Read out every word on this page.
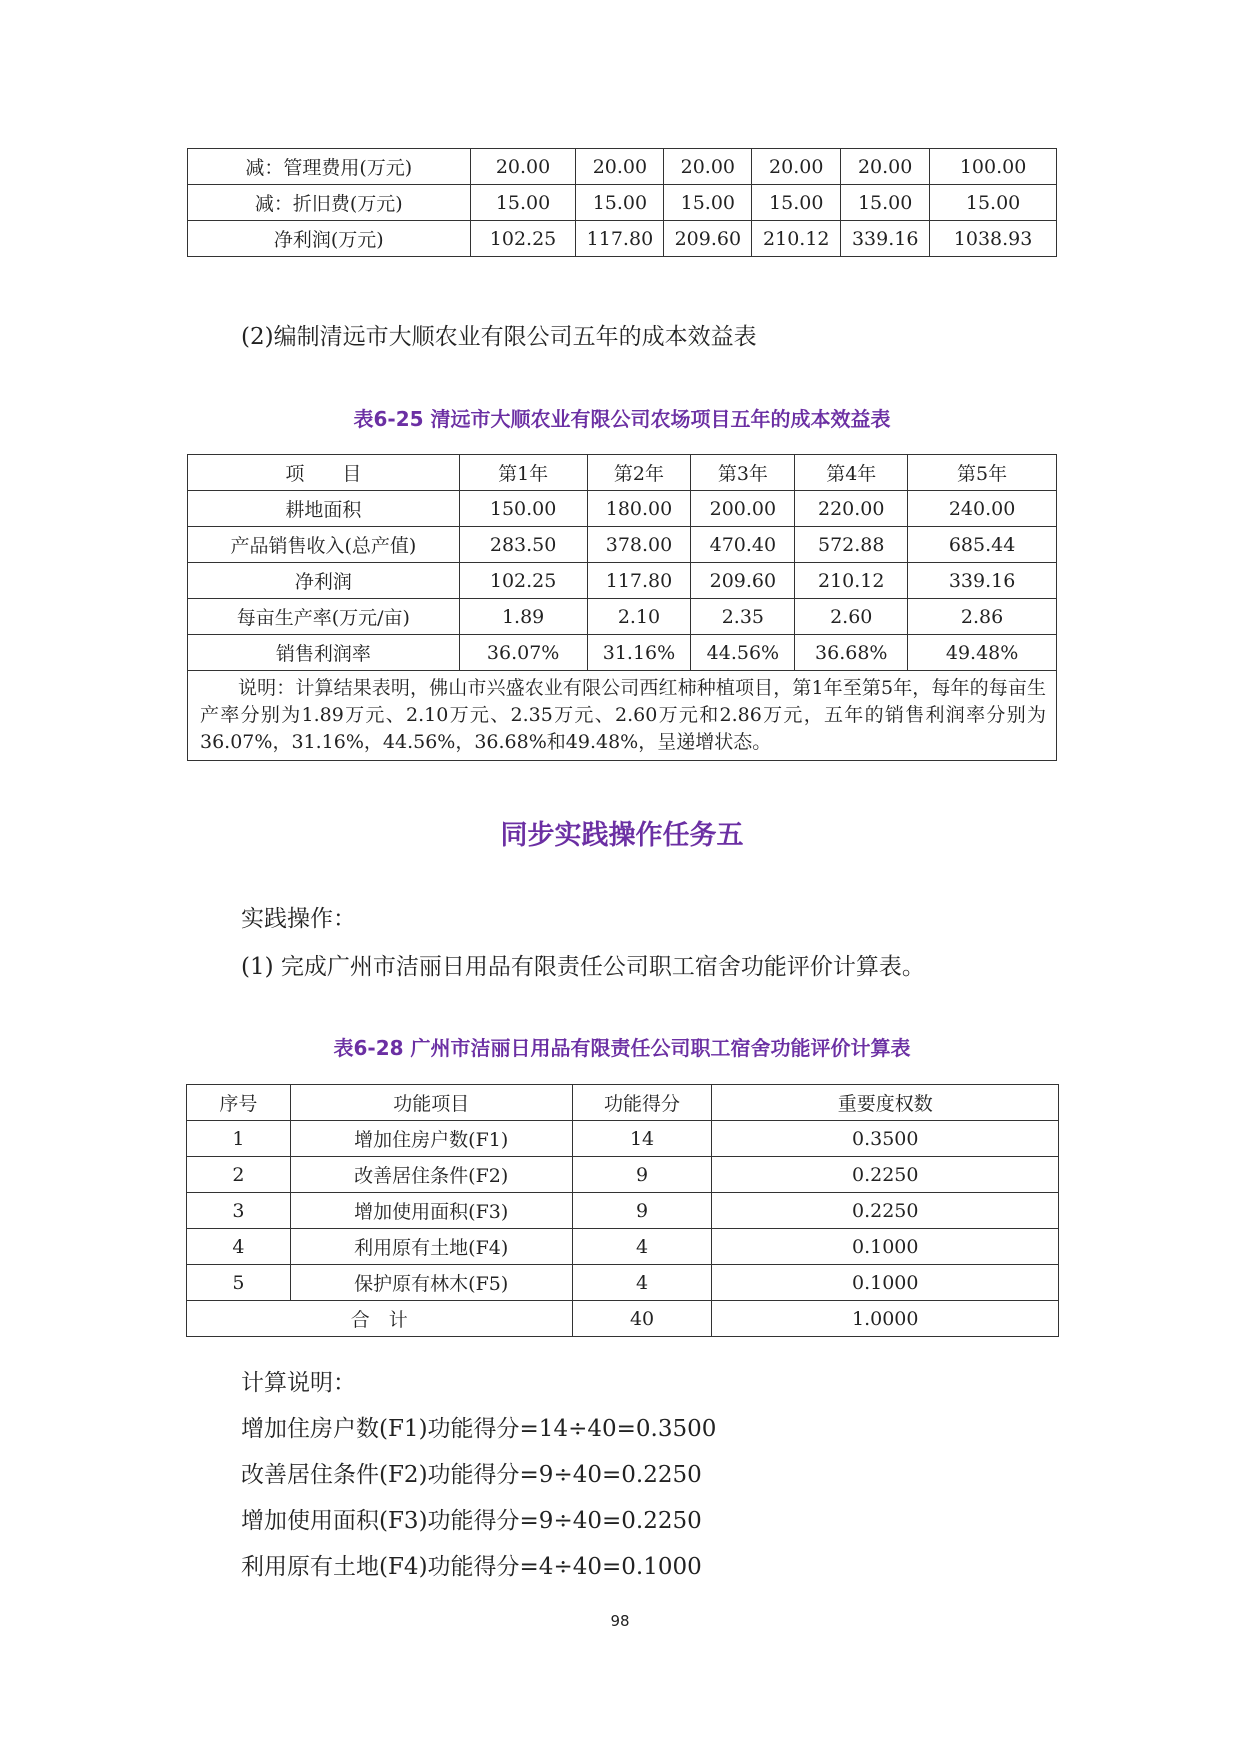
减：管理费用(万元)	20.00	20.00	20.00	20.00	20.00	100.00
减：折旧费(万元)	15.00	15.00	15.00	15.00	15.00	15.00
净利润(万元)	102.25	117.80	209.60	210.12	339.16	1038.93
(2)编制清远市大顺农业有限公司五年的成本效益表
表6-25 清远市大顺农业有限公司农场项目五年的成本效益表
项　　目	第1年	第2年	第3年	第4年	第5年
耕地面积	150.00	180.00	200.00	220.00	240.00
产品销售收入(总产值)	283.50	378.00	470.40	572.88	685.44
净利润	102.25	117.80	209.60	210.12	339.16
每亩生产率(万元/亩)	1.89	2.10	2.35	2.60	2.86
销售利润率	36.07%	31.16%	44.56%	36.68%	49.48%
说明：计算结果表明，佛山市兴盛农业有限公司西红柿种植项目，第1年至第5年，每年的每亩生产率分别为1.89万元、2.10万元、2.35万元、2.60万元和2.86万元，五年的销售利润率分别为36.07%，31.16%，44.56%，36.68%和49.48%，呈递增状态。					
同步实践操作任务五
实践操作：
(1) 完成广州市洁丽日用品有限责任公司职工宿舍功能评价计算表。
表6-28 广州市洁丽日用品有限责任公司职工宿舍功能评价计算表
序号	功能项目	功能得分	重要度权数
1	增加住房户数(F1)	14	0.3500
2	改善居住条件(F2)	9	0.2250
3	增加使用面积(F3)	9	0.2250
4	利用原有土地(F4)	4	0.1000
5	保护原有林木(F5)	4	0.1000
合　计		40	1.0000
计算说明：
增加住房户数(F1)功能得分=14÷40=0.3500
改善居住条件(F2)功能得分=9÷40=0.2250
增加使用面积(F3)功能得分=9÷40=0.2250
利用原有土地(F4)功能得分=4÷40=0.1000
98
